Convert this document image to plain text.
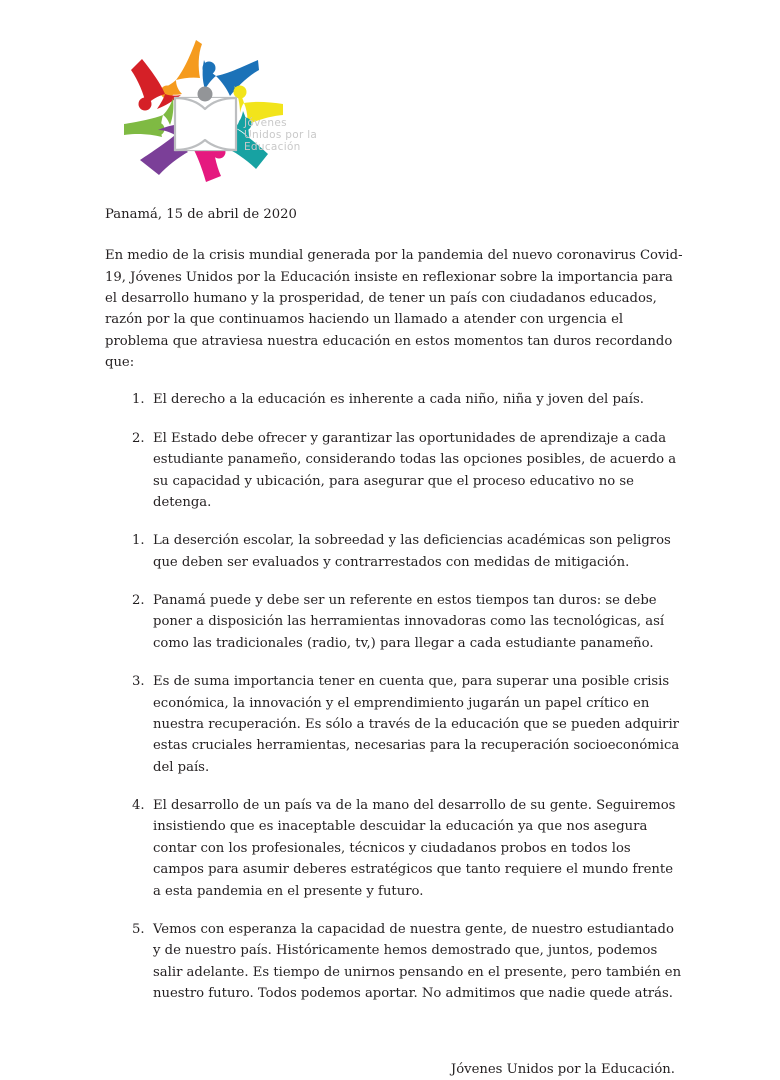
Jóvenes
Unidos por la
Educación

Panamá, 15 de abril de 2020

En medio de la crisis mundial generada por la pandemia del nuevo coronavirus Covid-19, Jóvenes Unidos por la Educación insiste en reflexionar sobre la importancia para el desarrollo humano y la prosperidad, de tener un país con ciudadanos educados, razón por la que continuamos haciendo un llamado a atender con urgencia el problema que atraviesa nuestra educación en estos momentos tan duros recordando que:

1. El derecho a la educación es inherente a cada niño, niña y joven del país.
2. El Estado debe ofrecer y garantizar las oportunidades de aprendizaje a cada estudiante panameño, considerando todas las opciones posibles, de acuerdo a su capacidad y ubicación, para asegurar que el proceso educativo no se detenga.
1. La deserción escolar, la sobreedad y las deficiencias académicas son peligros que deben ser evaluados y contrarrestados con medidas de mitigación.
2. Panamá puede y debe ser un referente en estos tiempos tan duros: se debe poner a disposición las herramientas innovadoras como las tecnológicas, así como las tradicionales (radio, tv,) para llegar a cada estudiante panameño.
3. Es de suma importancia tener en cuenta que, para superar una posible crisis económica, la innovación y el emprendimiento jugarán un papel crítico en nuestra recuperación. Es sólo a través de la educación que se pueden adquirir estas cruciales herramientas, necesarias para la recuperación socioeconómica del país.
4. El desarrollo de un país va de la mano del desarrollo de su gente. Seguiremos insistiendo que es inaceptable descuidar la educación ya que nos asegura contar con los profesionales, técnicos y ciudadanos probos en todos los campos para asumir deberes estratégicos que tanto requiere el mundo frente a esta pandemia en el presente y futuro.
5. Vemos con esperanza la capacidad de nuestra gente, de nuestro estudiantado y de nuestro país. Históricamente hemos demostrado que, juntos, podemos salir adelante. Es tiempo de unirnos pensando en el presente, pero también en nuestro futuro. Todos podemos aportar. No admitimos que nadie quede atrás.

Jóvenes Unidos por la Educación.
